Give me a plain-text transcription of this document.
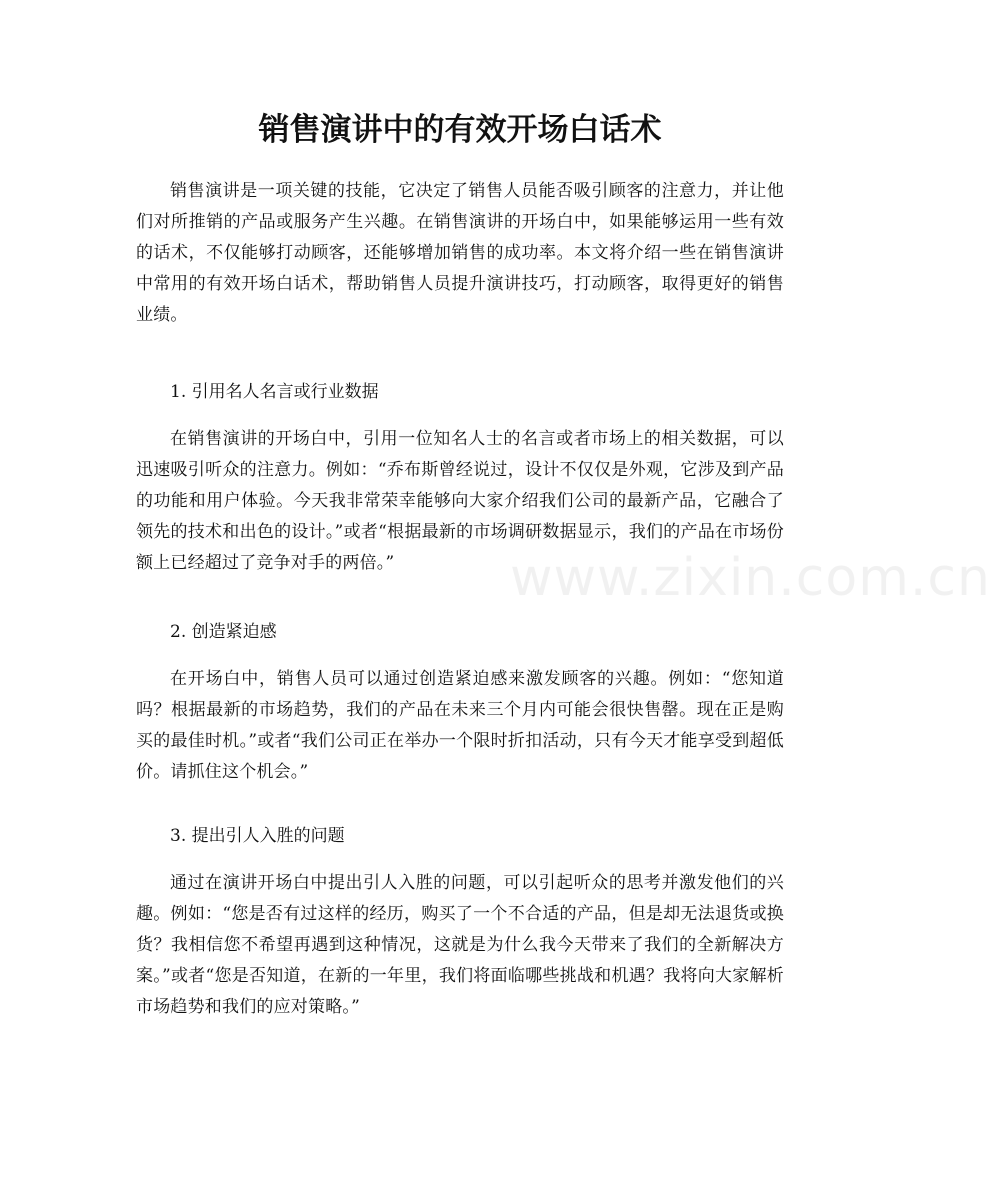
销售演讲中的有效开场白话术

销售演讲是一项关键的技能，它决定了销售人员能否吸引顾客的注意力，并让他们对所推销的产品或服务产生兴趣。在销售演讲的开场白中，如果能够运用一些有效的话术，不仅能够打动顾客，还能够增加销售的成功率。本文将介绍一些在销售演讲中常用的有效开场白话术，帮助销售人员提升演讲技巧，打动顾客，取得更好的销售业绩。

1. 引用名人名言或行业数据

在销售演讲的开场白中，引用一位知名人士的名言或者市场上的相关数据，可以迅速吸引听众的注意力。例如：“乔布斯曾经说过，设计不仅仅是外观，它涉及到产品的功能和用户体验。今天我非常荣幸能够向大家介绍我们公司的最新产品，它融合了领先的技术和出色的设计。”或者“根据最新的市场调研数据显示，我们的产品在市场份额上已经超过了竞争对手的两倍。”

2. 创造紧迫感

在开场白中，销售人员可以通过创造紧迫感来激发顾客的兴趣。例如：“您知道吗？根据最新的市场趋势，我们的产品在未来三个月内可能会很快售罄。现在正是购买的最佳时机。”或者“我们公司正在举办一个限时折扣活动，只有今天才能享受到超低价。请抓住这个机会。”

3. 提出引人入胜的问题

通过在演讲开场白中提出引人入胜的问题，可以引起听众的思考并激发他们的兴趣。例如：“您是否有过这样的经历，购买了一个不合适的产品，但是却无法退货或换货？我相信您不希望再遇到这种情况，这就是为什么我今天带来了我们的全新解决方案。”或者“您是否知道，在新的一年里，我们将面临哪些挑战和机遇？我将向大家解析市场趋势和我们的应对策略。”

www.zixin.com.cn
